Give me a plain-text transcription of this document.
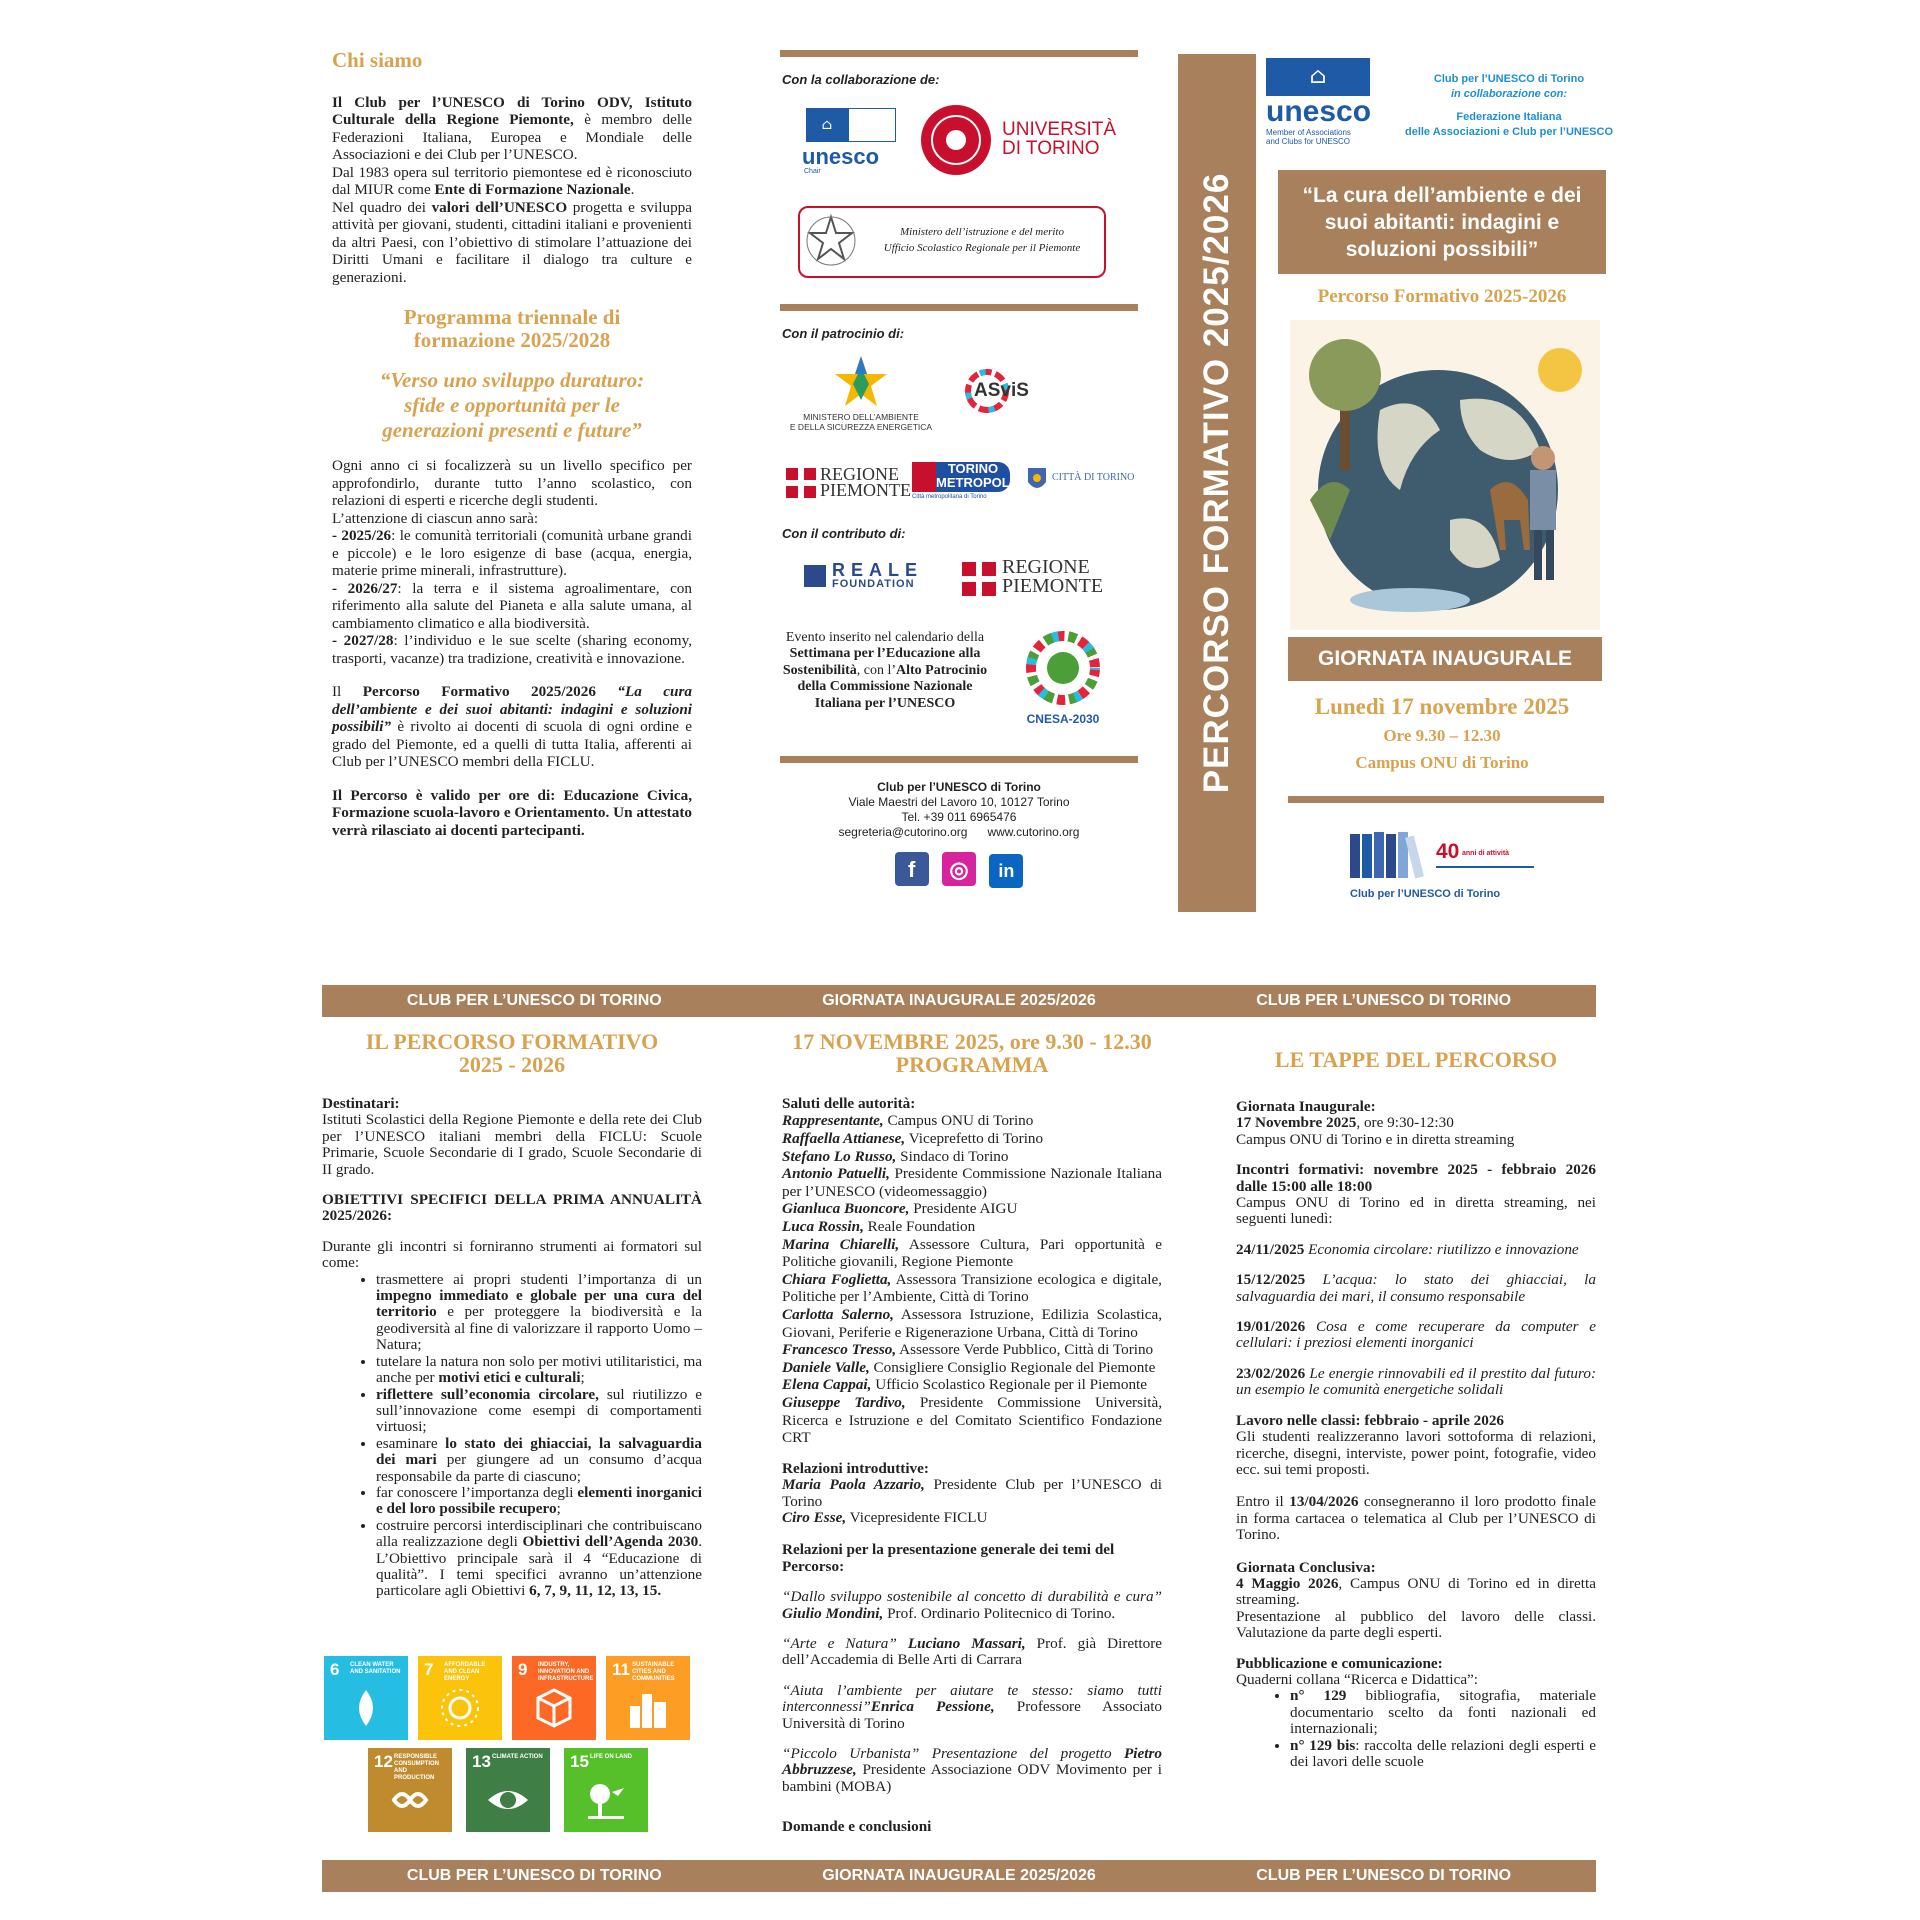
Chi siamo

Il Club per l’UNESCO di Torino ODV, Istituto Culturale della Regione Piemonte, è membro delle Federazioni Italiana, Europea e Mondiale delle Associazioni e dei Club per l’UNESCO.

Dal 1983 opera sul territorio piemontese ed è riconosciuto dal MIUR come Ente di Formazione Nazionale.

Nel quadro dei valori dell’UNESCO progetta e sviluppa attività per giovani, studenti, cittadini italiani e provenienti da altri Paesi, con l’obiettivo di stimolare l’attuazione dei Diritti Umani e facilitare il dialogo tra culture e generazioni.

Programma triennale di
formazione 2025/2028
“Verso uno sviluppo duraturo:
sfide e opportunità per le
generazioni presenti e future”

Ogni anno ci si focalizzerà su un livello specifico per approfondirlo, durante tutto l’anno scolastico, con relazioni di esperti e ricerche degli studenti.

L’attenzione di ciascun anno sarà:

- 2025/26: le comunità territoriali (comunità urbane grandi e piccole) e le loro esigenze di base (acqua, energia, materie prime minerali, infrastrutture).

- 2026/27: la terra e il sistema agroalimentare, con riferimento alla salute del Pianeta e alla salute umana, al cambiamento climatico e alla biodiversità.

- 2027/28: l’individuo e le sue scelte (sharing economy, trasporti, vacanze) tra tradizione, creatività e innovazione.

Il Percorso Formativo 2025/2026 “La cura dell’ambiente e dei suoi abitanti: indagini e soluzioni possibili” è rivolto ai docenti di scuola di ogni ordine e grado del Piemonte, ed a quelli di tutta Italia, afferenti ai Club per l’UNESCO membri della FICLU.

Il Percorso è valido per ore di: Educazione Civica, Formazione scuola-lavoro e Orientamento. Un attestato verrà rilasciato ai docenti partecipanti.

Con la collaborazione de:
⌂
unesco
Chair
UNIVERSITÀ
DI TORINO
Ministero dell’istruzione e del merito
Ufficio Scolastico Regionale per il Piemonte
Con il patrocinio di:
MINISTERO DELL’AMBIENTE
E DELLA SICUREZZA ENERGETICA
ASviS
REGIONE
PIEMONTE
TORINO
METROPOLI
Città metropolitana di Torino
CITTÀ DI TORINO
Con il contributo di:
REALE
FOUNDATION
REGIONE
PIEMONTE
Evento inserito nel calendario della Settimana per l’Educazione alla Sostenibilità, con l’Alto Patrocinio della Commissione Nazionale Italiana per l’UNESCO
CNESA-2030
Club per l’UNESCO di Torino
Viale Maestri del Lavoro 10, 10127 Torino
Tel. +39 011 6965476
segreteria@cutorino.org www.cutorino.org
f ◎ in
PERCORSO FORMATIVO 2025/2026
⌂
unesco
Member of Associations
and Clubs for UNESCO
Club per l’UNESCO di Torino
in collaborazione con:
Federazione Italiana
delle Associazioni e Club per l’UNESCO
“La cura dell’ambiente e dei suoi abitanti: indagini e soluzioni possibili”
Percorso Formativo 2025-2026
GIORNATA INAUGURALE
Lunedì 17 novembre 2025
Ore 9.30 – 12.30
Campus ONU di Torino
40 anni di attività
Club per l’UNESCO di Torino
CLUB PER L’UNESCO DI TORINO	GIORNATA INAUGURALE 2025/2026	CLUB PER L’UNESCO DI TORINO
CLUB PER L’UNESCO DI TORINO	GIORNATA INAUGURALE 2025/2026	CLUB PER L’UNESCO DI TORINO
IL PERCORSO FORMATIVO
2025 - 2026

Destinatari:
Istituti Scolastici della Regione Piemonte e della rete dei Club per l’UNESCO italiani membri della FICLU: Scuole Primarie, Scuole Secondarie di I grado, Scuole Secondarie di II grado.

OBIETTIVI SPECIFICI DELLA PRIMA ANNUALITÀ 2025/2026:

Durante gli incontri si forniranno strumenti ai formatori sul come:

• trasmettere ai propri studenti l’importanza di un impegno immediato e globale per una cura del territorio e per proteggere la biodiversità e la geodiversità al fine di valorizzare il rapporto Uomo – Natura;
• tutelare la natura non solo per motivi utilitaristici, ma anche per motivi etici e culturali;
• riflettere sull’economia circolare, sul riutilizzo e sull’innovazione come esempi di comportamenti virtuosi;
• esaminare lo stato dei ghiacciai, la salvaguardia dei mari per giungere ad un consumo d’acqua responsabile da parte di ciascuno;
• far conoscere l’importanza degli elementi inorganici e del loro possibile recupero;
• costruire percorsi interdisciplinari che contribuiscano alla realizzazione degli Obiettivi dell’Agenda 2030. L’Obiettivo principale sarà il 4 “Educazione di qualità”. I temi specifici avranno un’attenzione particolare agli Obiettivi 6, 7, 9, 11, 12, 13, 15.
6 CLEAN WATER AND SANITATION 7 AFFORDABLE AND CLEAN ENERGY	9 INDUSTRY, INNOVATION AND INFRASTRUCTURE 11 SUSTAINABLE CITIES AND COMMUNITIES
12 RESPONSIBLE CONSUMPTION AND PRODUCTION
13 CLIMATE ACTION 15 LIFE ON LAND
17 NOVEMBRE 2025, ore 9.30 - 12.30
PROGRAMMA

Saluti delle autorità:

Rappresentante, Campus ONU di Torino

Raffaella Attianese, Viceprefetto di Torino

Stefano Lo Russo, Sindaco di Torino

Antonio Patuelli, Presidente Commissione Nazionale Italiana per l’UNESCO (videomessaggio)

Gianluca Buoncore, Presidente AIGU

Luca Rossin, Reale Foundation

Marina Chiarelli, Assessore Cultura, Pari opportunità e Politiche giovanili, Regione Piemonte

Chiara Foglietta, Assessora Transizione ecologica e digitale, Politiche per l’Ambiente, Città di Torino

Carlotta Salerno, Assessora Istruzione, Edilizia Scolastica, Giovani, Periferie e Rigenerazione Urbana, Città di Torino

Francesco Tresso, Assessore Verde Pubblico, Città di Torino

Daniele Valle, Consigliere Consiglio Regionale del Piemonte

Elena Cappai, Ufficio Scolastico Regionale per il Piemonte

Giuseppe Tardivo, Presidente Commissione Università, Ricerca e Istruzione e del Comitato Scientifico Fondazione CRT

Relazioni introduttive:

Maria Paola Azzario, Presidente Club per l’UNESCO di Torino

Ciro Esse, Vicepresidente FICLU

Relazioni per la presentazione generale dei temi del Percorso:

“Dallo sviluppo sostenibile al concetto di durabilità e cura” Giulio Mondini, Prof. Ordinario Politecnico di Torino.

“Arte e Natura” Luciano Massari, Prof. già Direttore dell’Accademia di Belle Arti di Carrara

“Aiuta l’ambiente per aiutare te stesso: siamo tutti interconnessi”Enrica Pessione, Professore Associato Università di Torino

“Piccolo Urbanista” Presentazione del progetto Pietro Abbruzzese, Presidente Associazione ODV Movimento per i bambini (MOBA)

Domande e conclusioni

LE TAPPE DEL PERCORSO

Giornata Inaugurale:
17 Novembre 2025, ore 9:30-12:30
Campus ONU di Torino e in diretta streaming

Incontri formativi: novembre 2025 - febbraio 2026 dalle 15:00 alle 18:00
Campus ONU di Torino ed in diretta streaming, nei seguenti lunedì:

24/11/2025 Economia circolare: riutilizzo e innovazione

15/12/2025 L’acqua: lo stato dei ghiacciai, la salvaguardia dei mari, il consumo responsabile

19/01/2026 Cosa e come recuperare da computer e cellulari: i preziosi elementi inorganici

23/02/2026 Le energie rinnovabili ed il prestito dal futuro: un esempio le comunità energetiche solidali

Lavoro nelle classi: febbraio - aprile 2026
Gli studenti realizzeranno lavori sottoforma di relazioni, ricerche, disegni, interviste, power point, fotografie, video ecc. sui temi proposti.

Entro il 13/04/2026 consegneranno il loro prodotto finale in forma cartacea o telematica al Club per l’UNESCO di Torino.

Giornata Conclusiva:
4 Maggio 2026, Campus ONU di Torino ed in diretta streaming.
Presentazione al pubblico del lavoro delle classi. Valutazione da parte degli esperti.

Pubblicazione e comunicazione:
Quaderni collana “Ricerca e Didattica”:

• n° 129 bibliografia, sitografia, materiale documentario scelto da fonti nazionali ed internazionali;
• n° 129 bis: raccolta delle relazioni degli esperti e dei lavori delle scuole
